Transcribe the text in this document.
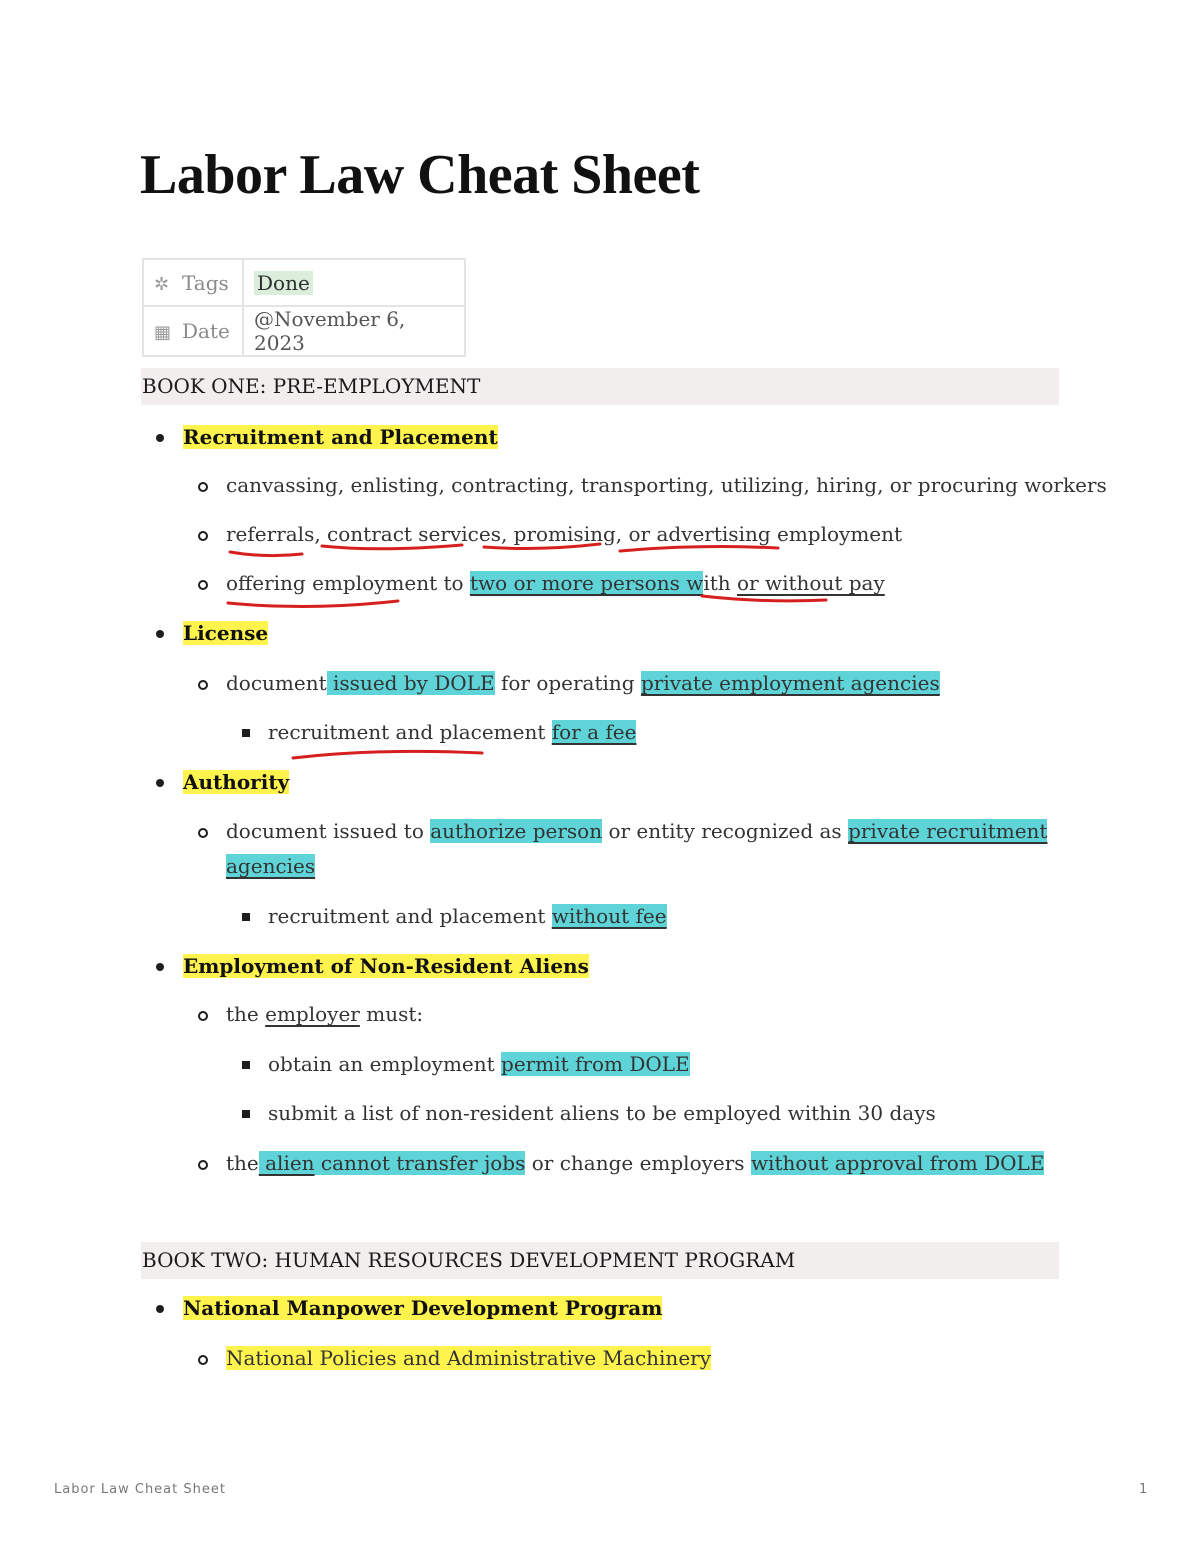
Labor Law Cheat Sheet
✲ Tags	Done
▦ Date	@November 6, 2023
BOOK ONE: PRE-EMPLOYMENT
Recruitment and Placement
canvassing, enlisting, contracting, transporting, utilizing, hiring, or procuring workers
referrals, contract services, promising, or advertising employment
offering employment to two or more persons with or without pay
License
document issued by DOLE for operating private employment agencies
recruitment and placement for a fee
Authority
document issued to authorize person or entity recognized as private recruitment
agencies
recruitment and placement without fee
Employment of Non-Resident Aliens
the employer must:
obtain an employment permit from DOLE
submit a list of non-resident aliens to be employed within 30 days
the alien cannot transfer jobs or change employers without approval from DOLE
BOOK TWO: HUMAN RESOURCES DEVELOPMENT PROGRAM
National Manpower Development Program
National Policies and Administrative Machinery
Labor Law Cheat Sheet	1
